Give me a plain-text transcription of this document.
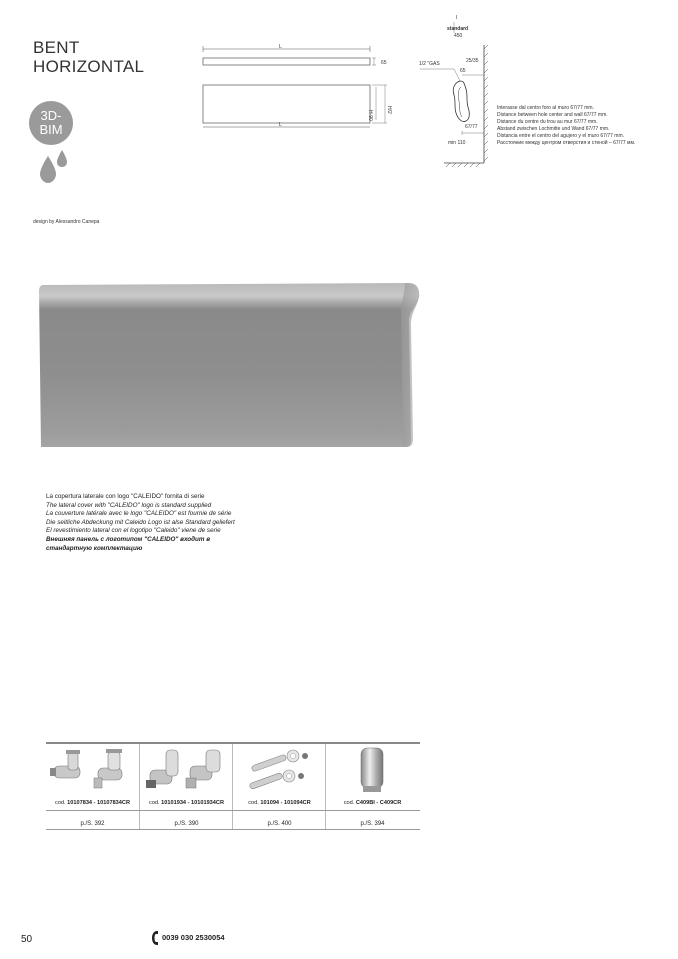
BENT
HORIZONTAL
3D-
BIM
design by Alessandro Canepa
L
L
65
H-90
H/2
I
standard
450
1/2 "GAS	25/35
65
67/77
min 110
Interasse dal centro foro al muro 67/77 mm.
Distance between hole center and wall 67/77 mm.
Distance du centre du trou au mur 67/77 mm.
Abstand zwischen Lochmitte und Wand 67/77 mm.
Distancia entre el centro del agujero y el muro 67/77 mm.
Расстояние между центром отверстия и стеной – 67/77 мм.
La copertura laterale con logo "CALEIDO" fornita di serie
The lateral cover with "CALEIDO" logo is standard supplied
La couverture latérale avec le logo "CALEIDO" est fournie de série
Die seitliche Abdeckung mit Caleido Logo ist alse Standard geliefert
El revestimiento lateral con el logotipo "Caleido" viene de serie
Внешняя панель с логотипом "CALEIDO" входит в стандартную комплектацию
cod. 10107834 - 10107834CR
p./S. 392
cod. 10101934 - 10101934CR
p./S. 390
cod. 101094 - 101094CR
p./S. 400
cod. C409BI - C409CR
p./S. 394
50	0039 030 2530054
